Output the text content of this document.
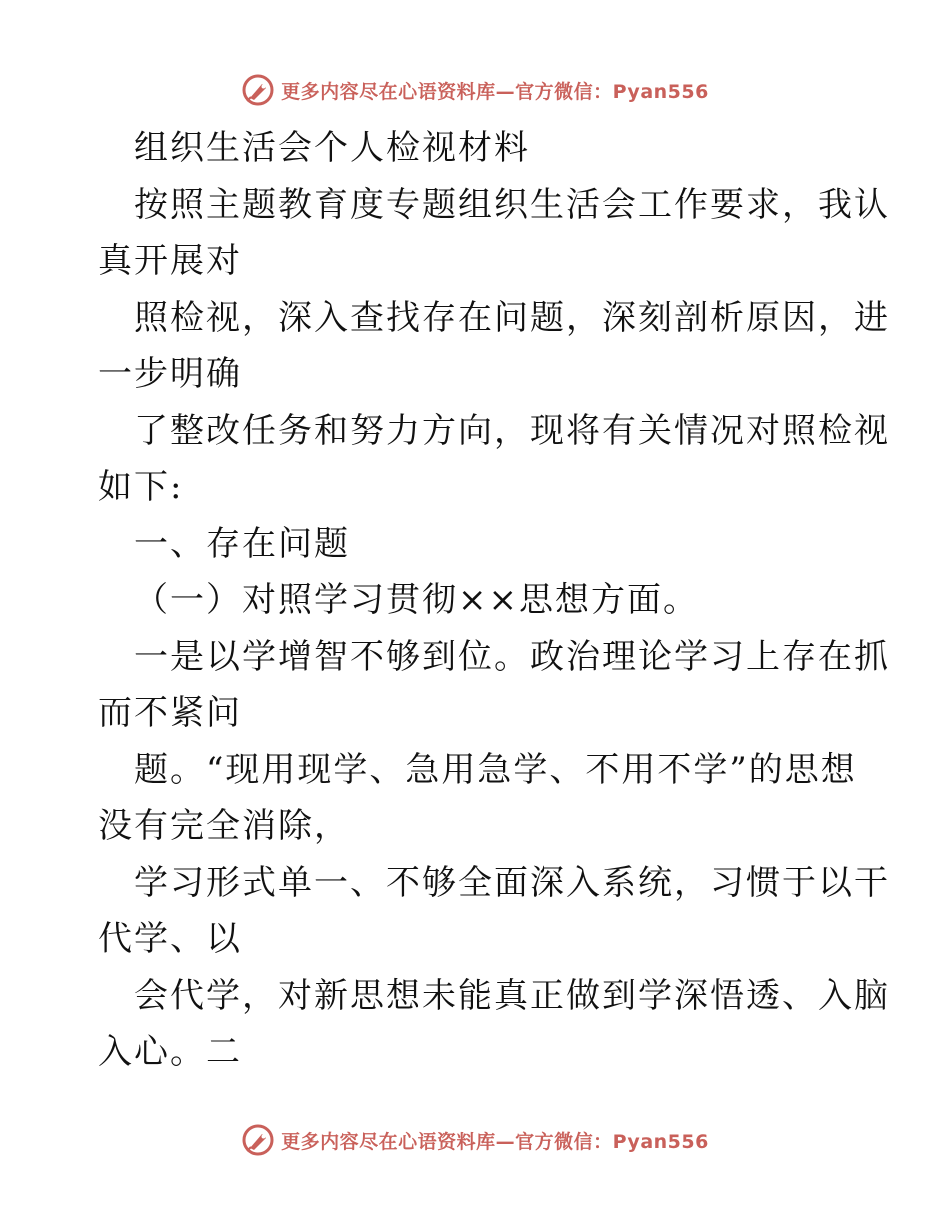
更多内容尽在心语资料库—官方微信：Pyan556

组织生活会个人检视材料

按照主题教育度专题组织生活会工作要求，我认

真开展对

照检视，深入查找存在问题，深刻剖析原因，进

一步明确

了整改任务和努力方向，现将有关情况对照检视

如下:

一、存在问题

（一）对照学习贯彻××思想方面。

一是以学增智不够到位。政治理论学习上存在抓

而不紧问

题。“现用现学、急用急学、不用不学”的思想

没有完全消除，

学习形式单一、不够全面深入系统，习惯于以干

代学、以

会代学，对新思想未能真正做到学深悟透、入脑

入心。二

更多内容尽在心语资料库—官方微信：Pyan556
